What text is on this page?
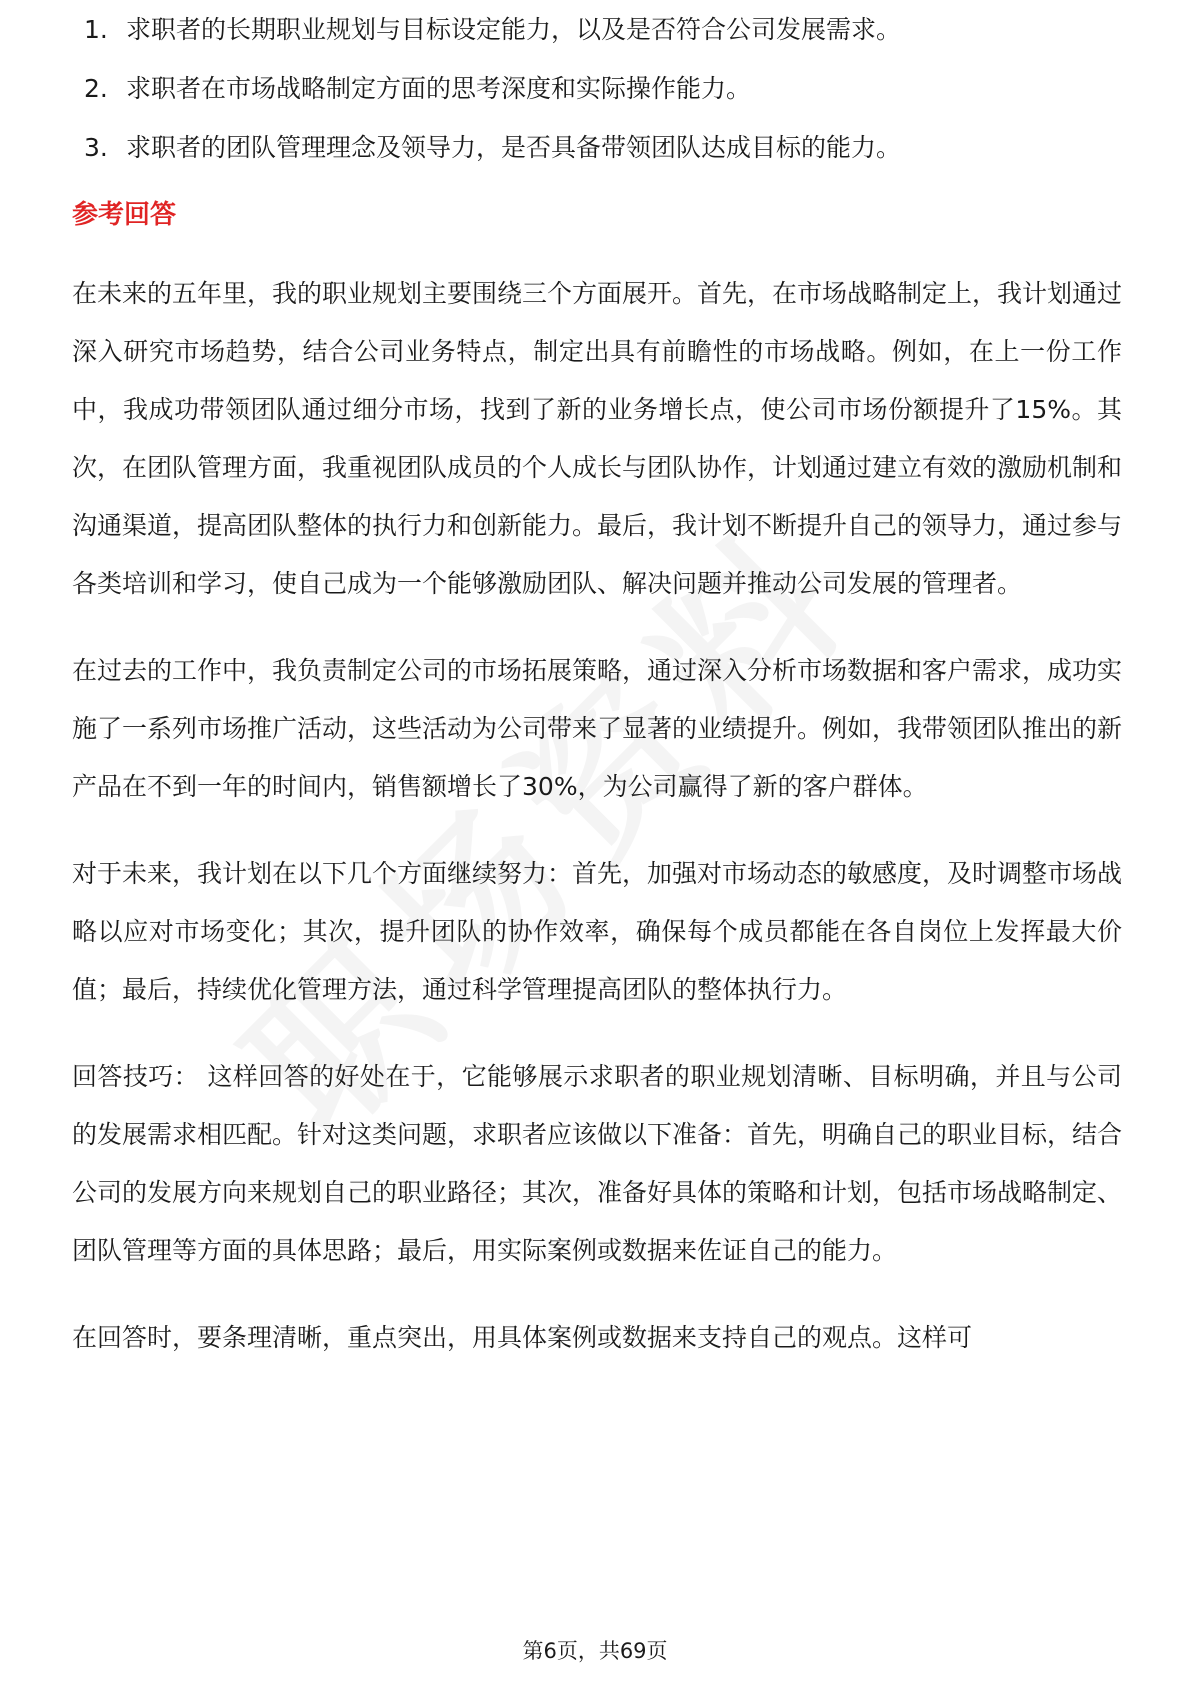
1. 求职者的长期职业规划与目标设定能力，以及是否符合公司发展需求。
2. 求职者在市场战略制定方面的思考深度和实际操作能力。
3. 求职者的团队管理理念及领导力，是否具备带领团队达成目标的能力。
参考回答

在未来的五年里，我的职业规划主要围绕三个方面展开。首先，在市场战略制定上，我计划通过深入研究市场趋势，结合公司业务特点，制定出具有前瞻性的市场战略。例如，在上一份工作中，我成功带领团队通过细分市场，找到了新的业务增长点，使公司市场份额提升了15%。其次，在团队管理方面，我重视团队成员的个人成长与团队协作，计划通过建立有效的激励机制和沟通渠道，提高团队整体的执行力和创新能力。最后，我计划不断提升自己的领导力，通过参与各类培训和学习，使自己成为一个能够激励团队、解决问题并推动公司发展的管理者。

在过去的工作中，我负责制定公司的市场拓展策略，通过深入分析市场数据和客户需求，成功实施了一系列市场推广活动，这些活动为公司带来了显著的业绩提升。例如，我带领团队推出的新产品在不到一年的时间内，销售额增长了30%，为公司赢得了新的客户群体。

对于未来，我计划在以下几个方面继续努力：首先，加强对市场动态的敏感度，及时调整市场战略以应对市场变化；其次，提升团队的协作效率，确保每个成员都能在各自岗位上发挥最大价值；最后，持续优化管理方法，通过科学管理提高团队的整体执行力。

回答技巧： 这样回答的好处在于，它能够展示求职者的职业规划清晰、目标明确，并且与公司的发展需求相匹配。针对这类问题，求职者应该做以下准备：首先，明确自己的职业目标，结合公司的发展方向来规划自己的职业路径；其次，准备好具体的策略和计划，包括市场战略制定、团队管理等方面的具体思路；最后，用实际案例或数据来佐证自己的能力。

在回答时，要条理清晰，重点突出，用具体案例或数据来支持自己的观点。这样可

第6页，共69页
